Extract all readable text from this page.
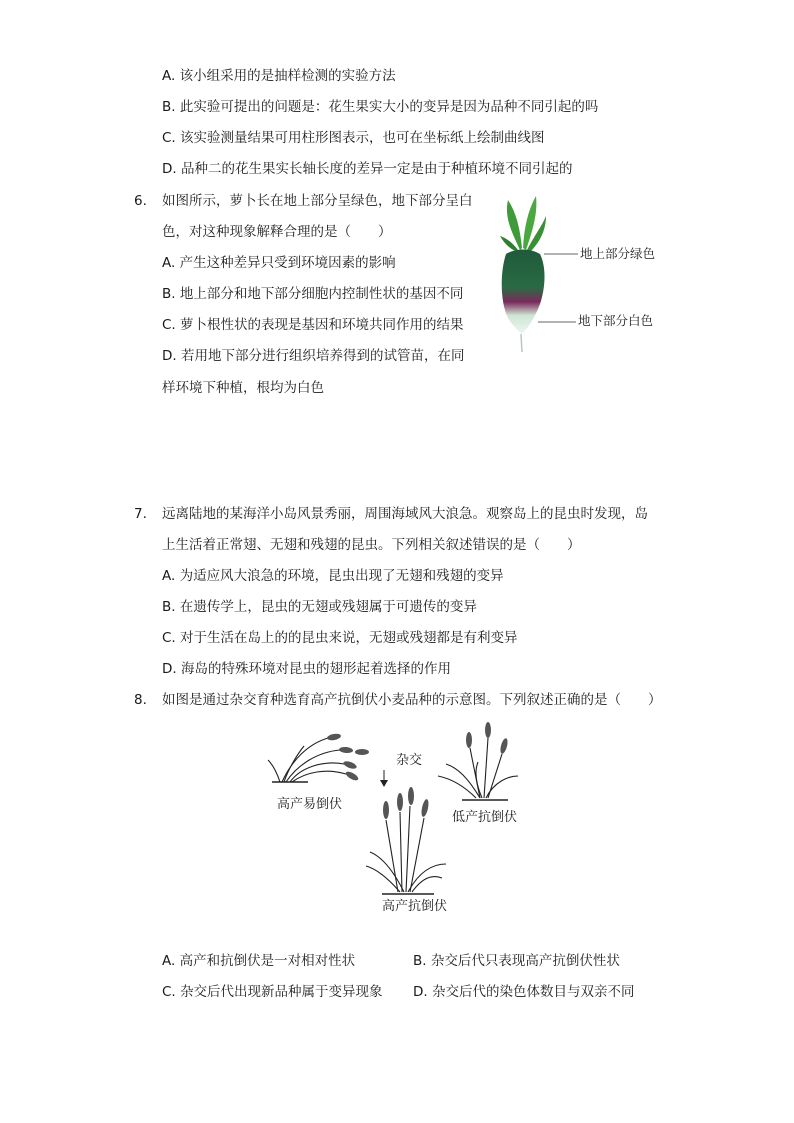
A. 该小组采用的是抽样检测的实验方法
B. 此实验可提出的问题是：花生果实大小的变异是因为品种不同引起的吗
C. 该实验测量结果可用柱形图表示，也可在坐标纸上绘制曲线图
D. 品种二的花生果实长轴长度的差异一定是由于种植环境不同引起的
6. 如图所示，萝卜长在地上部分呈绿色，地下部分呈白
色，对这种现象解释合理的是（　　）
A. 产生这种差异只受到环境因素的影响
B. 地上部分和地下部分细胞内控制性状的基因不同
C. 萝卜根性状的表现是基因和环境共同作用的结果
D. 若用地下部分进行组织培养得到的试管苗，在同
样环境下种植，根均为白色
地上部分绿色
地下部分白色
7. 远离陆地的某海洋小岛风景秀丽，周围海域风大浪急。观察岛上的昆虫时发现，岛
上生活着正常翅、无翅和残翅的昆虫。下列相关叙述错误的是（　　）
A. 为适应风大浪急的环境，昆虫出现了无翅和残翅的变异
B. 在遗传学上，昆虫的无翅或残翅属于可遗传的变异
C. 对于生活在岛上的的昆虫来说，无翅或残翅都是有利变异
D. 海岛的特殊环境对昆虫的翅形起着选择的作用
8. 如图是通过杂交育种选育高产抗倒伏小麦品种的示意图。下列叙述正确的是（　　）
高产易倒伏
杂交
低产抗倒伏
高产抗倒伏
A. 高产和抗倒伏是一对相对性状	B. 杂交后代只表现高产抗倒伏性状
C. 杂交后代出现新品种属于变异现象 D. 杂交后代的染色体数目与双亲不同
